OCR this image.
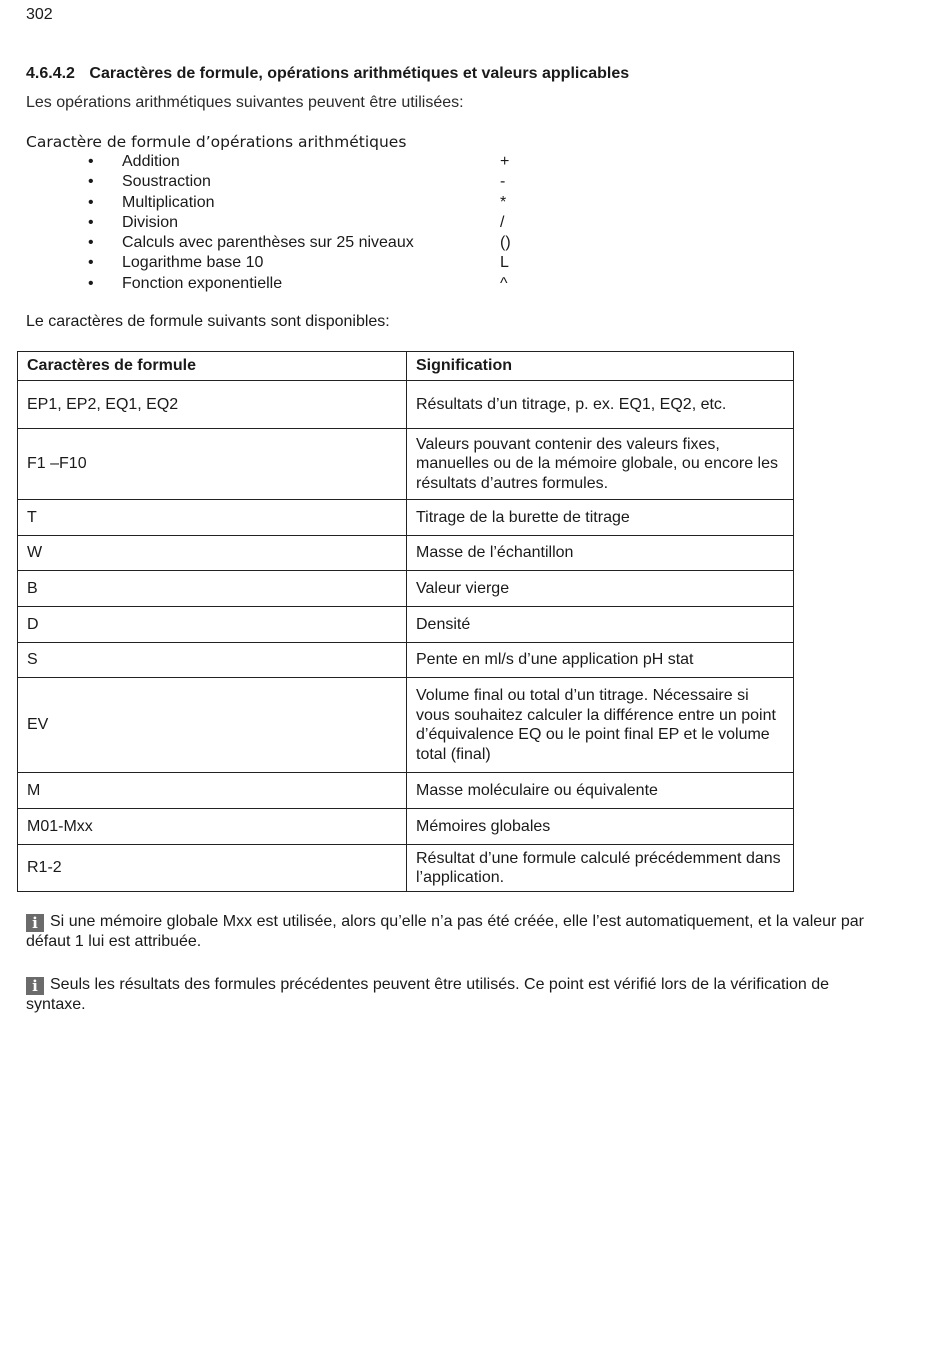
302
4.6.4.2 Caractères de formule, opérations arithmétiques et valeurs applicables
Les opérations arithmétiques suivantes peuvent être utilisées:
Caractère de formule d’opérations arithmétiques
•	Addition	+
•	Soustraction	-
•	Multiplication	*
•	Division	/
•	Calculs avec parenthèses sur 25 niveaux	()
•	Logarithme base 10	L
•	Fonction exponentielle	^
Le caractères de formule suivants sont disponibles:
Caractères de formule	Signification
EP1, EP2, EQ1, EQ2	Résultats d’un titrage, p. ex. EQ1, EQ2, etc.
F1 –F10	Valeurs pouvant contenir des valeurs fixes, manuelles ou de la mémoire globale, ou encore les résultats d’autres formules.
T	Titrage de la burette de titrage
W	Masse de l’échantillon
B	Valeur vierge
D	Densité
S	Pente en ml/s d’une application pH stat
EV	Volume final ou total d’un titrage. Nécessaire si vous souhaitez calculer la différence entre un point d’équivalence EQ ou le point final EP et le volume total (final)
M	Masse moléculaire ou équivalente
M01-Mxx	Mémoires globales
R1-2	Résultat d’une formule calculé précédemment dans l’application.
i Si une mémoire globale Mxx est utilisée, alors qu’elle n’a pas été créée, elle l’est automatiquement, et la valeur par défaut 1 lui est attribuée.
i Seuls les résultats des formules précédentes peuvent être utilisés. Ce point est vérifié lors de la vérification de syntaxe.
